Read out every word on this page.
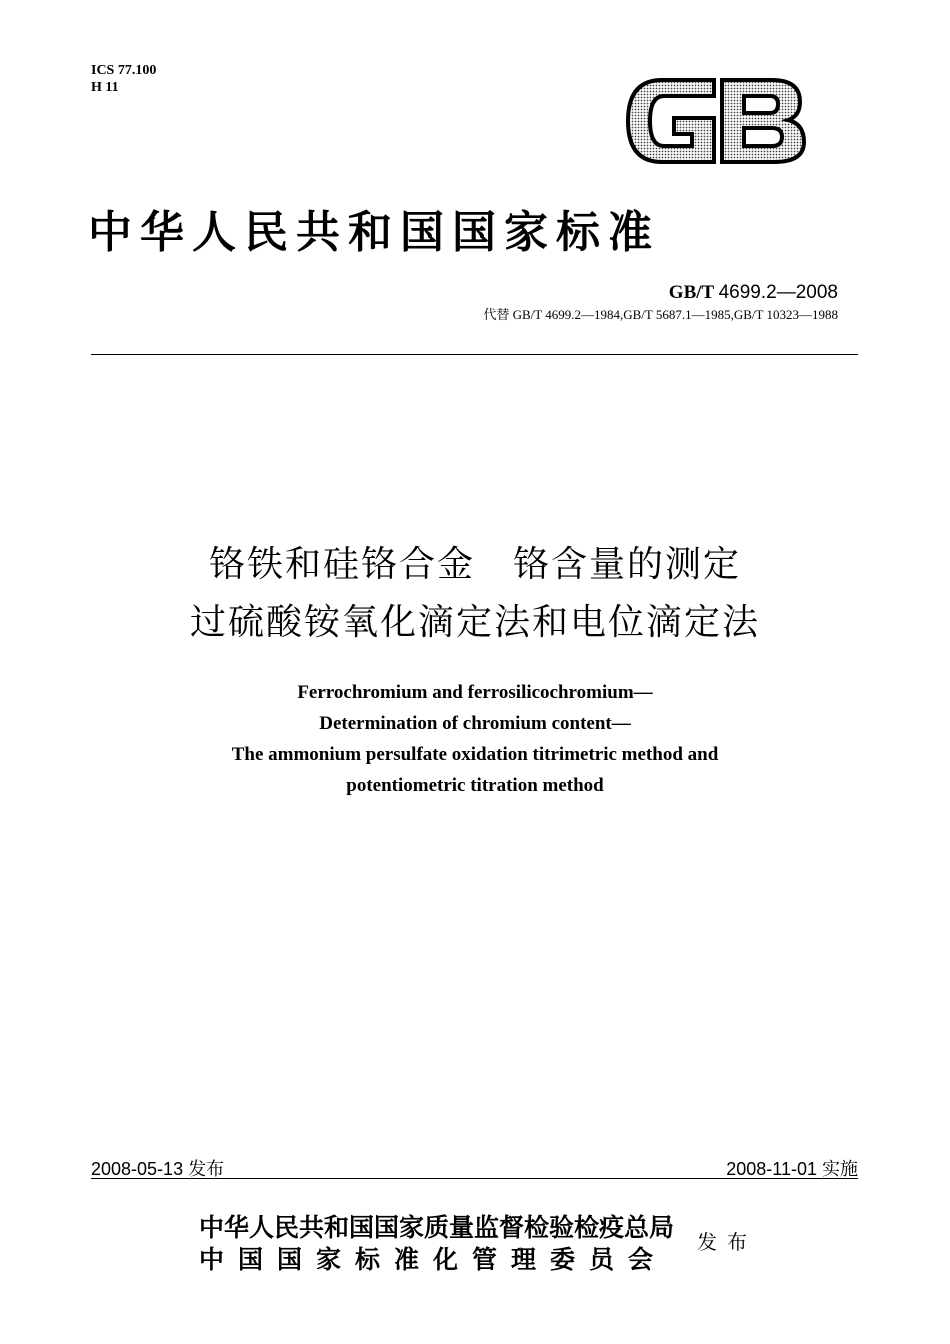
ICS 77.100
H 11
中华人民共和国国家标准
GB/T 4699.2—2008
代替 GB/T 4699.2—1984,GB/T 5687.1—1985,GB/T 10323—1988
铬铁和硅铬合金　铬含量的测定
过硫酸铵氧化滴定法和电位滴定法
Ferrochromium and ferrosilicochromium—
Determination of chromium content—
The ammonium persulfate oxidation titrimetric method and
potentiometric titration method
2008-05-13 发布	2008-11-01 实施
中华人民共和国国家质量监督检验检疫总局
中国国家标准化管理委员会
发布
